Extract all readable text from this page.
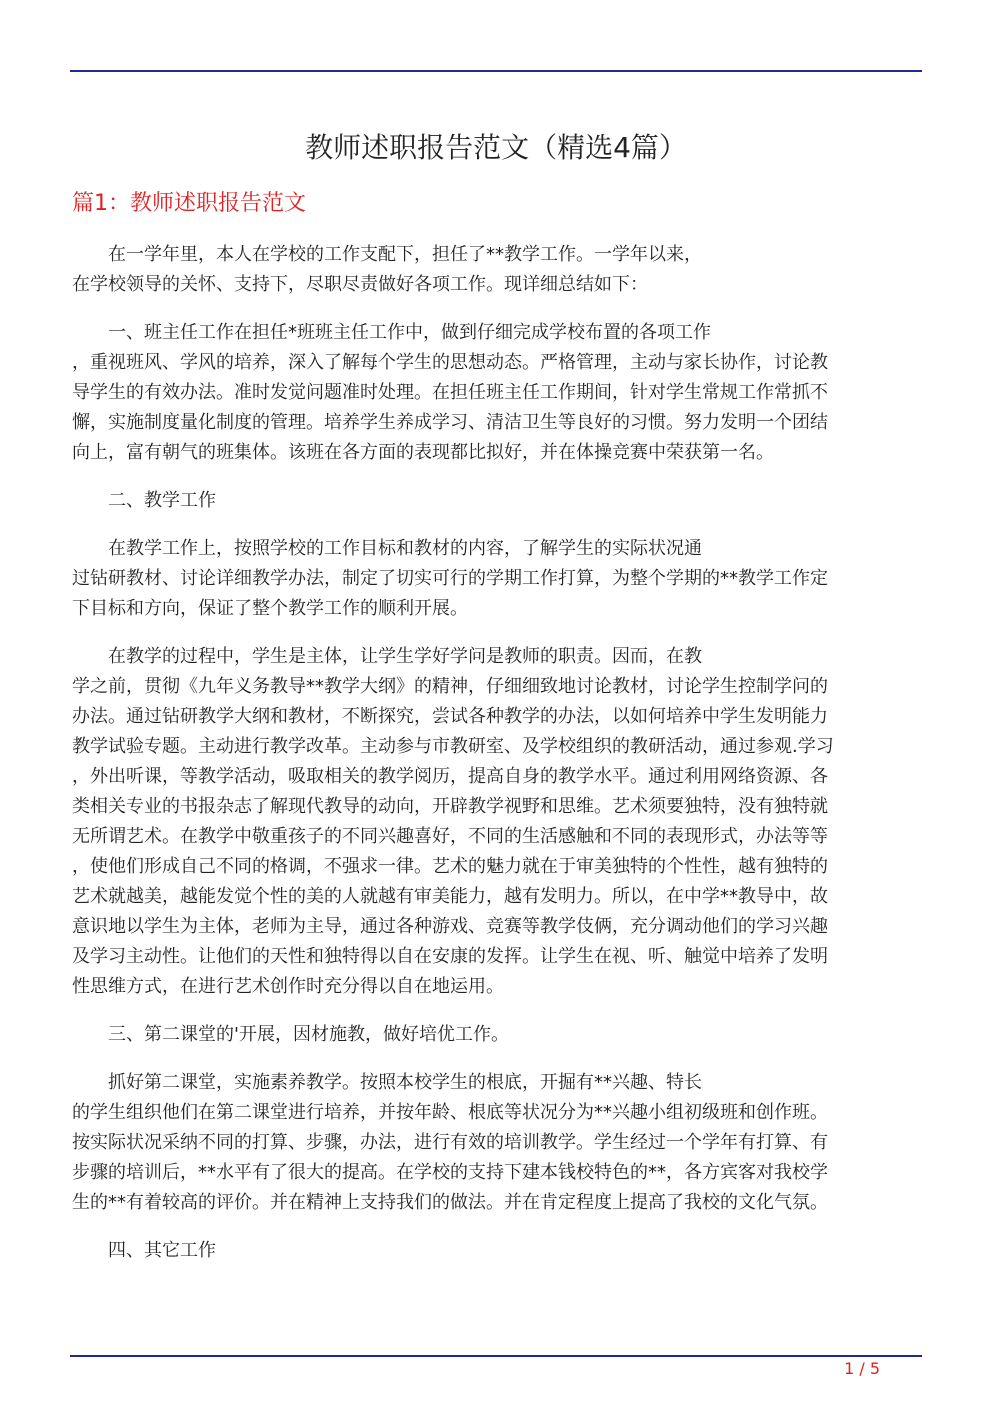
教师述职报告范文（精选4篇）
篇1：教师述职报告范文
在一学年里，本人在学校的工作支配下，担任了**教学工作。一学年以来，
在学校领导的关怀、支持下，尽职尽责做好各项工作。现详细总结如下：
一、班主任工作在担任*班班主任工作中，做到仔细完成学校布置的各项工作
，重视班风、学风的培养，深入了解每个学生的思想动态。严格管理，主动与家长协作，讨论教
导学生的有效办法。准时发觉问题准时处理。在担任班主任工作期间，针对学生常规工作常抓不
懈，实施制度量化制度的管理。培养学生养成学习、清洁卫生等良好的习惯。努力发明一个团结
向上，富有朝气的班集体。该班在各方面的表现都比拟好，并在体操竞赛中荣获第一名。
二、教学工作
在教学工作上，按照学校的工作目标和教材的内容，了解学生的实际状况通
过钻研教材、讨论详细教学办法，制定了切实可行的学期工作打算，为整个学期的**教学工作定
下目标和方向，保证了整个教学工作的顺利开展。
在教学的过程中，学生是主体，让学生学好学问是教师的职责。因而，在教
学之前，贯彻《九年义务教导**教学大纲》的精神，仔细细致地讨论教材，讨论学生控制学问的
办法。通过钻研教学大纲和教材，不断探究，尝试各种教学的办法，以如何培养中学生发明能力
教学试验专题。主动进行教学改革。主动参与市教研室、及学校组织的教研活动，通过参观.学习
，外出听课，等教学活动，吸取相关的教学阅历，提高自身的教学水平。通过利用网络资源、各
类相关专业的书报杂志了解现代教导的动向，开辟教学视野和思维。艺术须要独特，没有独特就
无所谓艺术。在教学中敬重孩子的不同兴趣喜好，不同的生活感触和不同的表现形式，办法等等
，使他们形成自己不同的格调，不强求一律。艺术的魅力就在于审美独特的个性性，越有独特的
艺术就越美，越能发觉个性的美的人就越有审美能力，越有发明力。所以，在中学**教导中，故
意识地以学生为主体，老师为主导，通过各种游戏、竞赛等教学伎俩，充分调动他们的学习兴趣
及学习主动性。让他们的天性和独特得以自在安康的发挥。让学生在视、听、触觉中培养了发明
性思维方式，在进行艺术创作时充分得以自在地运用。
三、第二课堂的'开展，因材施教，做好培优工作。
抓好第二课堂，实施素养教学。按照本校学生的根底，开掘有**兴趣、特长
的学生组织他们在第二课堂进行培养，并按年龄、根底等状况分为**兴趣小组初级班和创作班。
按实际状况采纳不同的打算、步骤，办法，进行有效的培训教学。学生经过一个学年有打算、有
步骤的培训后，**水平有了很大的提高。在学校的支持下建本钱校特色的**，各方宾客对我校学
生的**有着较高的评价。并在精神上支持我们的做法。并在肯定程度上提高了我校的文化气氛。
四、其它工作
1 / 5
